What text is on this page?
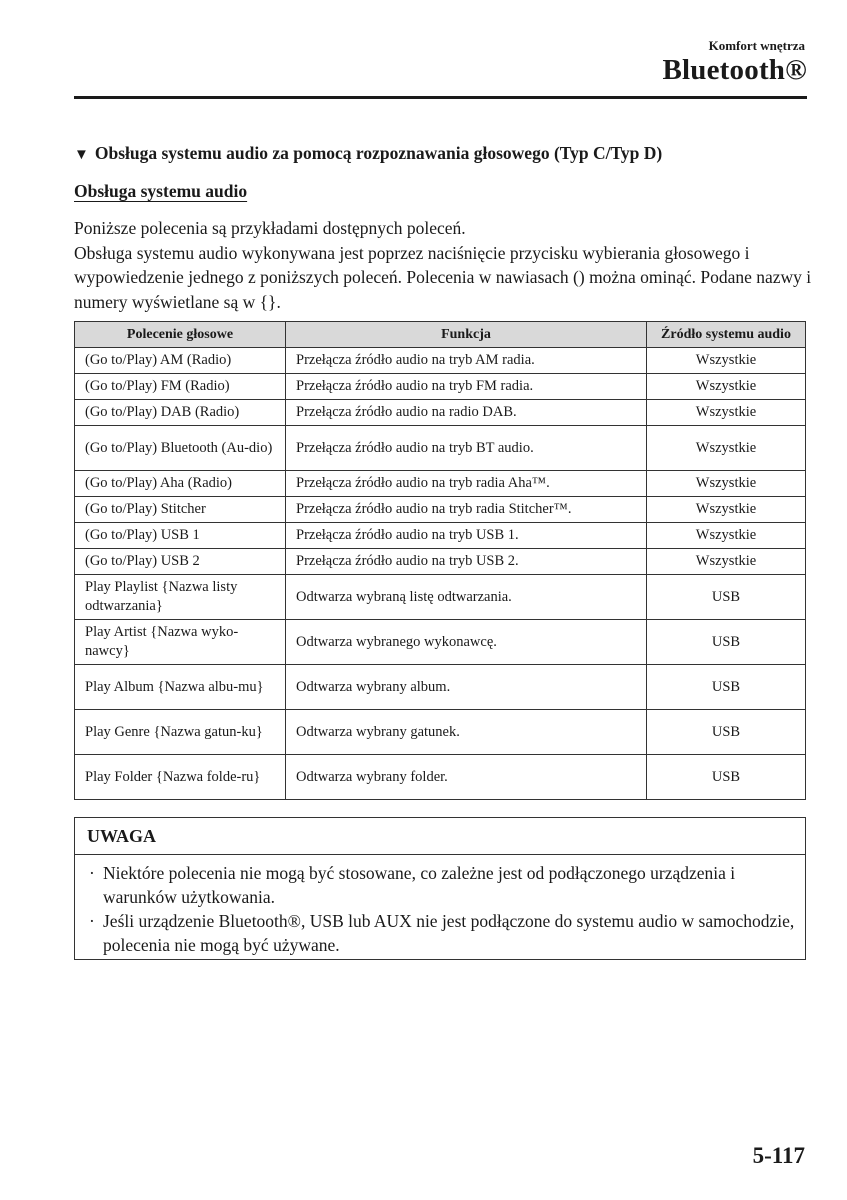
Komfort wnętrza
Bluetooth®
▼ Obsługa systemu audio za pomocą rozpoznawania głosowego (Typ C/Typ D)
Obsługa systemu audio

Poniższe polecenia są przykładami dostępnych poleceń.

Obsługa systemu audio wykonywana jest poprzez naciśnięcie przycisku wybierania głosowego i wypowiedzenie jednego z poniższych poleceń. Polecenia w nawiasach () można ominąć. Podane nazwy i numery wyświetlane są w {}.

Polecenie głosowe	Funkcja	Źródło systemu audio
(Go to/Play) AM (Radio)	Przełącza źródło audio na tryb AM radia.	Wszystkie
(Go to/Play) FM (Radio)	Przełącza źródło audio na tryb FM radia.	Wszystkie
(Go to/Play) DAB (Radio)	Przełącza źródło audio na radio DAB.	Wszystkie
(Go to/Play) Bluetooth (Au-dio)	Przełącza źródło audio na tryb BT audio.	Wszystkie
(Go to/Play) Aha (Radio)	Przełącza źródło audio na tryb radia Aha™.	Wszystkie
(Go to/Play) Stitcher	Przełącza źródło audio na tryb radia Stitcher™.	Wszystkie
(Go to/Play) USB 1	Przełącza źródło audio na tryb USB 1.	Wszystkie
(Go to/Play) USB 2	Przełącza źródło audio na tryb USB 2.	Wszystkie
Play Playlist {Nazwa listy odtwarzania}	Odtwarza wybraną listę odtwarzania.	USB
Play Artist {Nazwa wyko-nawcy}	Odtwarza wybranego wykonawcę.	USB
Play Album {Nazwa albu-mu}	Odtwarza wybrany album.	USB
Play Genre {Nazwa gatun-ku}	Odtwarza wybrany gatunek.	USB
Play Folder {Nazwa folde-ru}	Odtwarza wybrany folder.	USB
UWAGA
· Niektóre polecenia nie mogą być stosowane, co zależne jest od podłączonego urządzenia i warunków użytkowania.
· Jeśli urządzenie Bluetooth®, USB lub AUX nie jest podłączone do systemu audio w samochodzie, polecenia nie mogą być używane.
5-117
